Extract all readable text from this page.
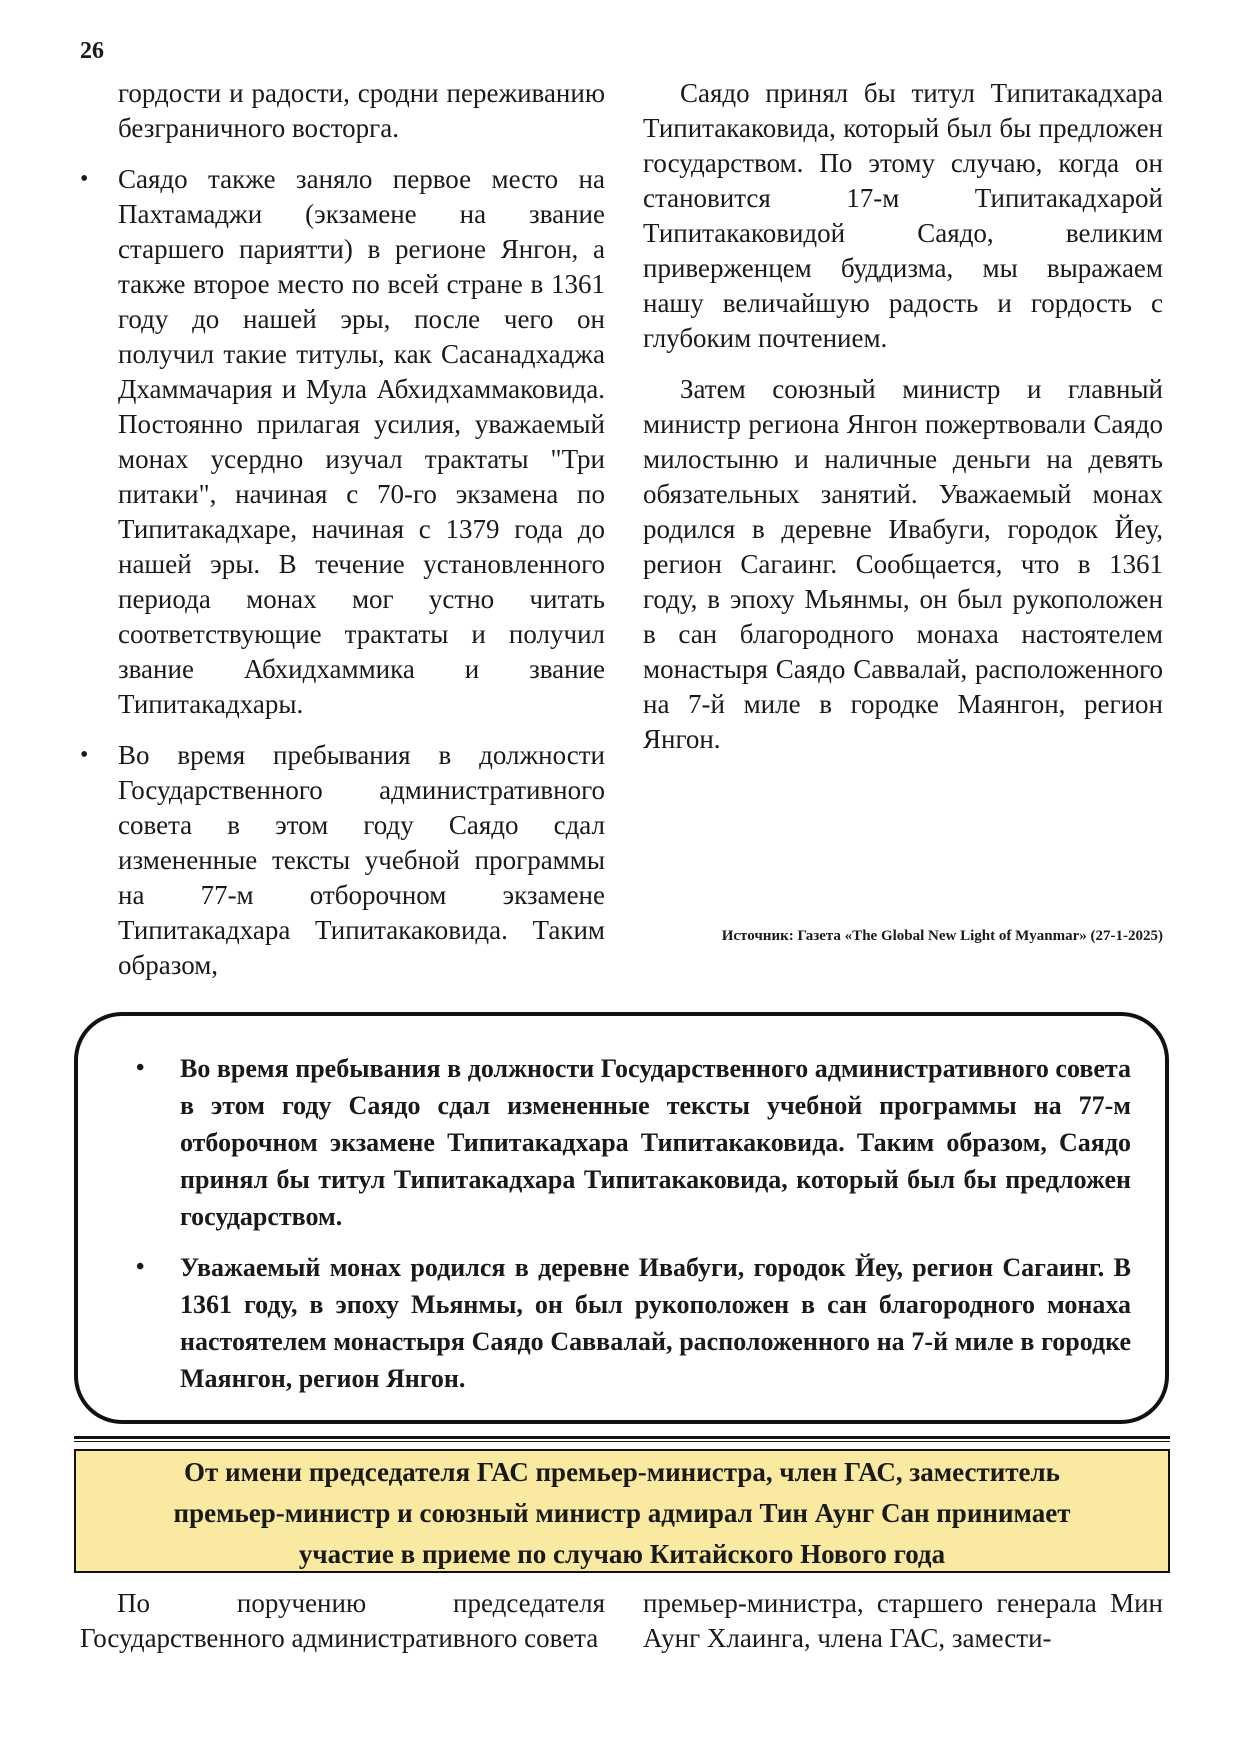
26

гордости и радости, сродни переживанию безграничного восторга.

• Саядо также заняло первое место на Пахтамаджи (экзамене на звание старшего париятти) в регионе Янгон, а также второе место по всей стране в 1361 году до нашей эры, после чего он получил такие титулы, как Сасанадхаджа Дхаммачария и Мула Абхидхаммаковида. Постоянно прилагая усилия, уважаемый монах усердно изучал трактаты "Три питаки", начиная с 70-го экзамена по Типитакадхаре, начиная с 1379 года до нашей эры. В течение установленного периода монах мог устно читать соответствующие трактаты и получил звание Абхидхаммика и звание Типитакадхары.
• Во время пребывания в должности Государственного административного совета в этом году Саядо сдал измененные тексты учебной программы на 77-м отборочном экзамене Типитакадхара Типитакаковида. Таким образом,

Саядо принял бы титул Типитакадхара Типитакаковида, который был бы предложен государством. По этому случаю, когда он становится 17-м Типитакадхарой Типитакаковидой Саядо, великим приверженцем буддизма, мы выражаем нашу величайшую радость и гордость с глубоким почтением.

Затем союзный министр и главный министр региона Янгон пожертвовали Саядо милостыню и наличные деньги на девять обязательных занятий. Уважаемый монах родился в деревне Ивабуги, городок Йеу, регион Сагаинг. Сообщается, что в 1361 году, в эпоху Мьянмы, он был рукоположен в сан благородного монаха настоятелем монастыря Саядо Саввалай, расположенного на 7-й миле в городке Маянгон, регион Янгон.

Источник: Газета «The Global New Light of Myanmar» (27-1-2025)
• Во время пребывания в должности Государственного административного совета в этом году Саядо сдал измененные тексты учебной программы на 77-м отборочном экзамене Типитакадхара Типитакаковида. Таким образом, Саядо принял бы титул Типитакадхара Типитакаковида, который был бы предложен государством.
• Уважаемый монах родился в деревне Ивабуги, городок Йеу, регион Сагаинг. В 1361 году, в эпоху Мьянмы, он был рукоположен в сан благородного монаха настоятелем монастыря Саядо Саввалай, расположенного на 7-й миле в городке Маянгон, регион Янгон.
От имени председателя ГАС премьер-министра, член ГАС, заместитель
премьер-министр и союзный министр адмирал Тин Аунг Сан принимает
участие в приеме по случаю Китайского Нового года

По поручению председателя Государственного административного совета

премьер-министра, старшего генерала Мин Аунг Хлаинга, члена ГАС, замести-
